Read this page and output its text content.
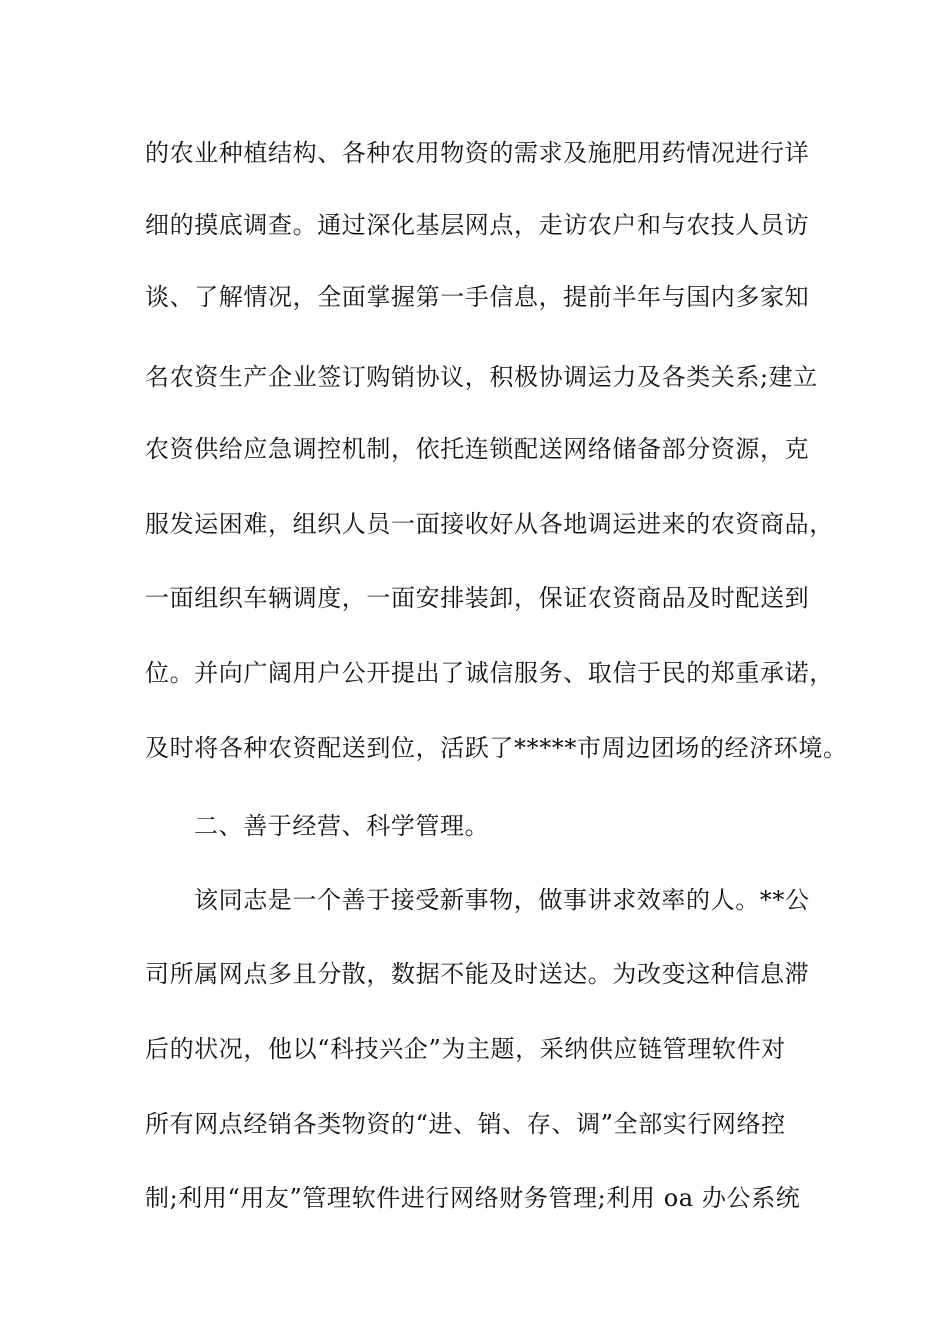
的农业种植结构、各种农用物资的需求及施肥用药情况进行详
细的摸底调查。通过深化基层网点，走访农户和与农技人员访
谈、了解情况，全面掌握第一手信息，提前半年与国内多家知
名农资生产企业签订购销协议，积极协调运力及各类关系;建立
农资供给应急调控机制，依托连锁配送网络储备部分资源，克
服发运困难，组织人员一面接收好从各地调运进来的农资商品，
一面组织车辆调度，一面安排装卸，保证农资商品及时配送到
位。并向广阔用户公开提出了诚信服务、取信于民的郑重承诺，
及时将各种农资配送到位，活跃了*****市周边团场的经济环境。
二、善于经营、科学管理。
该同志是一个善于接受新事物，做事讲求效率的人。**公
司所属网点多且分散，数据不能及时送达。为改变这种信息滞
后的状况，他以“科技兴企”为主题，采纳供应链管理软件对
所有网点经销各类物资的“进、销、存、调”全部实行网络控
制;利用“用友”管理软件进行网络财务管理;利用 oa 办公系统
